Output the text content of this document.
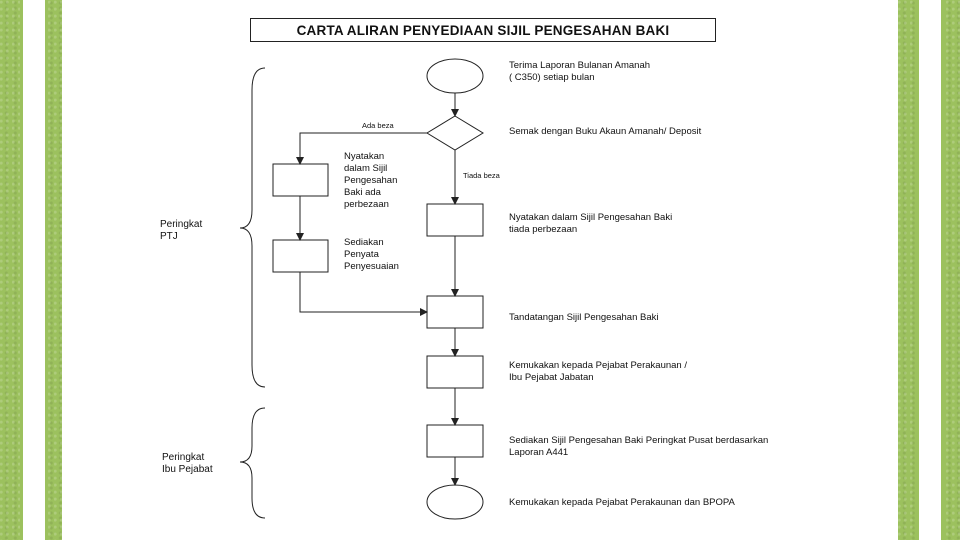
CARTA ALIRAN PENYEDIAAN SIJIL PENGESAHAN BAKI
Peringkat
PTJ
Peringkat
Ibu Pejabat
Ada beza
Tiada beza
Terima Laporan Bulanan Amanah
( C350) setiap bulan
Semak dengan Buku Akaun Amanah/ Deposit
Nyatakan
dalam Sijil
Pengesahan
Baki ada
perbezaan
Sediakan
Penyata
Penyesuaian
Nyatakan dalam Sijil Pengesahan Baki
tiada perbezaan
Tandatangan Sijil Pengesahan Baki
Kemukakan kepada Pejabat Perakaunan /
Ibu Pejabat Jabatan
Sediakan Sijil Pengesahan Baki Peringkat Pusat berdasarkan
Laporan A441
Kemukakan kepada Pejabat Perakaunan dan BPOPA
